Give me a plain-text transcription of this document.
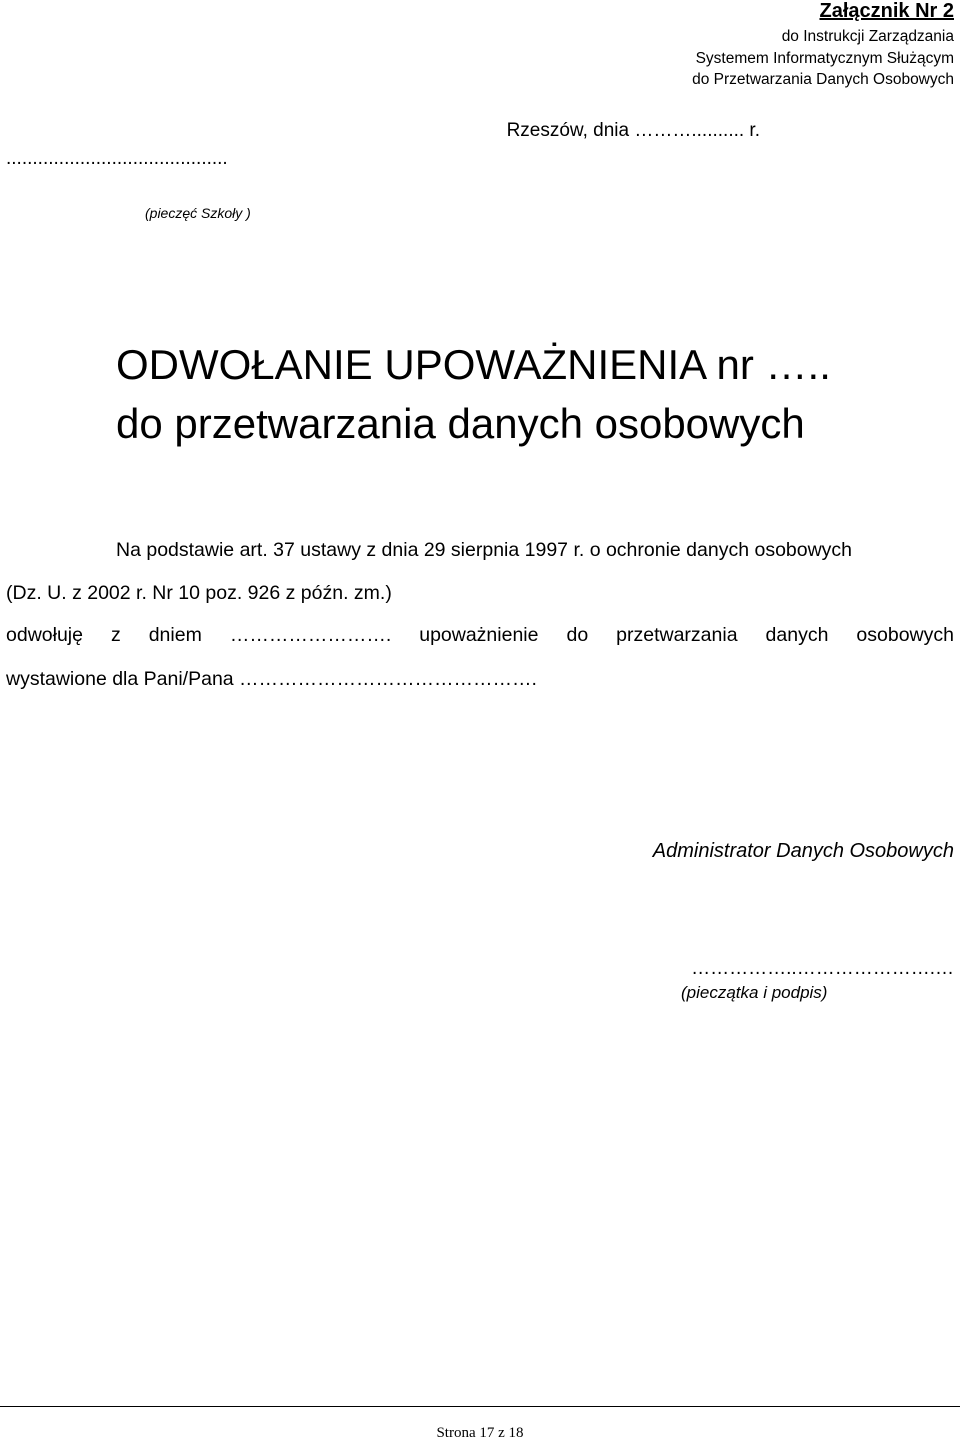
Załącznik Nr 2

do Instrukcji Zarządzania

Systemem Informatycznym Służącym

do Przetwarzania Danych Osobowych

Rzeszów, dnia ……….......... r.

..........................................

(pieczęć Szkoły )

ODWOŁANIE UPOWAŻNIENIA nr …..
do przetwarzania danych osobowych

Na podstawie art. 37 ustawy z dnia 29 sierpnia 1997 r. o ochronie danych osobowych

(Dz. U. z 2002 r. Nr 10 poz. 926 z późn. zm.)

odwołuję z dniem ……………………. upoważnienie do przetwarzania danych osobowych

wystawione dla Pani/Pana ……………………………………….

Administrator Danych Osobowych

……………..………………….…

(pieczątka i podpis)

Strona 17 z 18
